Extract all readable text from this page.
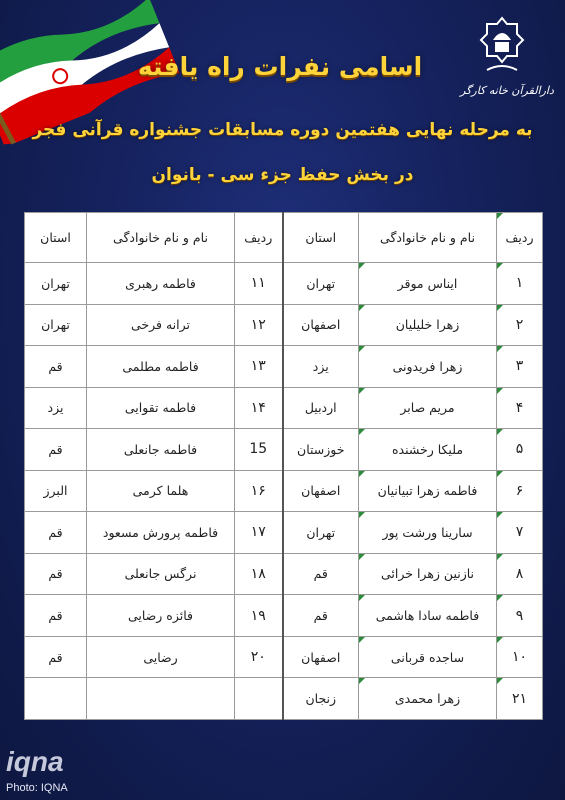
دارالقرآن خانه کارگر
اسامی نفرات راه یافته
به مرحله نهایی هفتمین دوره مسابقات جشنواره قرآنی فجر
در بخش حفظ جزء سی - بانوان
ردیف	نام و نام خانوادگی	استان	ردیف	نام و نام خانوادگی	استان
۱	ایناس موقر	تهران	۱۱	فاطمه رهبری	تهران
۲	زهرا خلیلیان	اصفهان	۱۲	ترانه فرخی	تهران
۳	زهرا فریدونی	یزد	۱۳	فاطمه مطلمی	قم
۴	مریم صابر	اردبیل	۱۴	فاطمه تقوایی	یزد
۵	ملیکا رخشنده	خوزستان	15	فاطمه جانعلی	قم
۶	فاطمه زهرا تبیانیان	اصفهان	۱۶	هلما کرمی	البرز
۷	سارینا ورشت پور	تهران	۱۷	فاطمه پرورش مسعود	قم
۸	نازنین زهرا خرائی	قم	۱۸	نرگس جانعلی	قم
۹	فاطمه سادا هاشمی	قم	۱۹	فائزه رضایی	قم
۱۰	ساجده قربانی	اصفهان	۲۰	رضایی	قم
۲۱	زهرا محمدی	زنجان			
iqna
Photo: IQNA
